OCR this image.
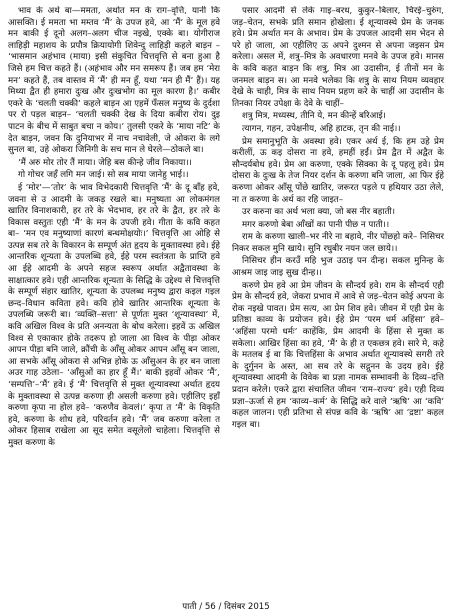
भाव के अर्थ बा—ममता, अर्थात मन के राग–वृत्ति, यानी कि आसक्ति। ई ममता भा मम्तव ‘मैं’ के उपज हवे, आ ‘मैं’ के मूल हवे मन बाकी ई दूनो अलग–अलग चीज नइखे, एक्के बा। योगीराज लाहिड़ी महाशय के प्रपौत्र क्रियायोगी शिवेन्दु लाहिड़ी कहले बाड़न – ‘भासमान अहंभाव (माया) इसी संकुचित चित्तवृत्ति से बना हुआ है जिसे हम चित्त कहते हैं। (अहंभाव और मन समरूप हैं। जब हम ‘मेरा मन’ कहते हैं, तब वास्तव में ‘मैं’ ही मन हूँ, यथा ‘मन ही मैं’ हैं)। यह मिथ्या द्वैत ही हमारा दुःख और दुःखभोग का मूल कारण है।’ कबीर एकरे के ‘चलती चक्की’ कहले बाड़न आ एहमें फँसल मनुष्य के दुर्दशा पर रो पड़ल बाड़न– ‘चलती चक्की देख के दिया कबीरा रोय। दुइ पाटन के बीच में साबुत बचा न कोय।’ तुलसी एकरे के ‘माया नटि’ के देत बाड़न, जवन कि दुनियाभर में नाच नचावेली, जे ओकरा के लगे सुनल बा, उहे ओकरा जिनिगी के सच मान ले घेरले—ठोकले बा।

‘मैं अरु मोर तोर तैं माया। जेहि बस कीन्हे जीव निकाया।।

गो गोचर जहँ लगि मन जाई। सो सब माया जानेहु भाई।।

ई ‘मोर’—‘तोर’ के भाव विभेदकारी चित्तवृत्ति ‘मैं’ के दू बाँह हवे, जवना से उ आदमी के जकड़ रखले बा। मनुष्यता आ लोकमंगल खातिर विनाशकारी, हर तरे के भेदभाव, हर तरे के द्वैत, हर तरे के विकास वस्तुतः एही ‘मैं’ के मन के उपजी हवे। गीता के कवि कहत बा– ‘मन एव मनुष्याणां कारणं बन्धमोक्षयोः।’ चित्तवृत्ति आ ओहि से उत्पन्न सब तरे के विकारन के सम्पूर्ण अंत हृदय के मुक्तावस्था हवे। ईहे आन्तरिक शून्यता के उपलब्धि हवे, ईहे परम स्वतंत्रता के प्राप्ति हवे आ ईहे आदमी के अपने सहज स्वरूप अर्थात अद्वैतावस्था के साक्षात्कार हवे। एही आन्तरिक शून्यता के सिद्धि के उद्देश्य से चित्तवृत्ति के सम्पूर्ण संहार खातिर, शून्यता के उपलब्ध मनुष्य द्वारा कइल गइल छन्द–विधान कविता हवे। कवि होवे खातिर आन्तरिक शून्यता के उपलब्धि जरूरी बा। ‘व्यक्ति–सत्ता’ से पूर्णतः मुक्त ‘शून्यावस्था’ में, कवि अखिल विश्व के प्रति अनन्यता के बोध करेला। इहवें ऊ अखिल विश्व से एकाकार होके तदरूप हो जाला आ विश्व के पीड़ा ओकर आपन पीड़ा बनि जाले, क्रौंची के आँसू ओकर आपन आँसू बन जाला, आ सभके आँसू ओकरा से अभिन्न होके ऊ आँसुअन के हर बन जाला अउर गाह उठेला– ‘आँसुओं का हार हूँ मैं।’ बाकी इहवों ओकर ‘मैं’, ‘सम्पत्ति’–‘मैं’ हवे। ई ‘मैं’ चित्तवृत्ति से मुक्त शून्यावस्था अर्थात हृदय के मुक्तावस्था से उत्पन्न करुणा ही असली करुणा हवे। एहीलिए इहाँ करुणा कृपा ना होल हवे– ‘करुणैव केवलं।’ कृपा त ‘मैं’ के विकृति हवे, करुणा के शोध हवे, परिवर्तन हवे। ‘मैं’ जब करुणा करेला त ओकर हिसाब राखेला आ सूद समेत वसूलेलो चाहेला। चित्तवृत्ति से मुक्त करुणा के

पसार आदमी से लेके गाइ–बरध, कुकुर–बिलार, चिरई–चुरुंग, जड़–चेतन, सभके प्रति समान होखेला। ई शून्यावस्थे प्रेम के जनक हवे। प्रेम अर्थात मन के अभाव। प्रेम के उपजल आदमी सम भेदन से परे हो जाला, आ एहीलिए ऊ अपने दुश्मन से अपना जइसन प्रेम करेला। असल में, शत्रु–मित्र के अवधारणा मनवे के उपज हवे। मानस के कवि कहत बाड़न कि शत्रु, मित्र आ उदासीन, ई तीनों मन के जनमल बाड़न स। आ मनवे भलेका कि शत्रु के साथ नियम व्यवहार देखे के चाही, मित्र के साथ नियम प्रहण करे के चाहीं आ उदासीन के तिनका नियर उपेक्षा के देवे के चाहीं–

शत्रु मित्र, मध्यस्थ, तीनि ये, मन कीन्हें बरिआई।

त्यागन, गहन, उपेक्षनीय, अहि हाटक, तृन की नाई।।

प्रेम समानुभूति के अवस्था हवे। एकर अर्थ ई, कि हम उहे प्रेम करीलीं, ऊ कइ दोसरा ना हवे, हमहीं हईं। प्रेम द्वैत में अद्वैत के सौन्दर्यबोध हवे। प्रेम आ करुणा, एक्के सिक्का के दू पहलू हवे। प्रेम दोसरा के दुःख के तेज नियर दर्शन के करुणा बनि जाला, आ फिर ईहे करुणा ओकर आँसू पोंछे खातिर, जरूरत पड़ले प हथियार उठा लेले, ना त करुणा के अर्थ का रहि जाइत–

उर करुना का अर्थ भला क्या, जो बस नीर बहाती।

मगर करुणो बेबा आँखों का पानी पीछ न पाती।।

राम के करुणा खाली–भर नीरे ना बहावे, नीर पोंछहो करे– निसिचर निकर सकल मुनि खाये। सुनि रघुबीर नयन जल छाये।।

निसिचर हीन करउँ महि भुज उठाइ पन दीन्ह। सकल मुनिन्ह के आश्रम जाइ जाइ सुख दीन्ह।।

करुणे प्रेम हवे आ प्रेम जीवन के सौन्दर्य हवे। राम के सौन्दर्य एही प्रेम के सौन्दर्य हवे, जेकरा प्रभाव में आवे से जड़–चेतन कोई अपना के रोक नइखे पावत। प्रेम सत्य, आ प्रेम शिव हवे। जीवन में एही प्रेम के प्रतिष्ठा काव्य के प्रयोजन हवे। ईहे प्रेम ‘परम धर्म अहिंसा’ हवे– ‘अहिंसा परमो धर्मः’ काहेंकि, प्रेम आदमी के हिंसा से मुक्त क सकेला। आखिर हिंसा का हवे, ‘मैं’ के ही त एकछत्र हवे। सारे मे, कहे के मतलब ई बा कि चित्तहिंसा के अभाव अर्थात शून्यावस्थे सगरी तरे के दुर्गुनन के अस्त, आ सब तरे के सद्गुनन के उदय हवे। ईहे शून्यावस्था आदमी के विवेक बा प्रज्ञा नामक सम्भावनी के दिव्य–दत्ति प्रदान करेले। एकरे द्वारा संचालित जीवन ‘राम–राज्य’ हवे। एही दिव्य प्रज्ञा–ऊर्जा से हम ‘काव्य–कर्म’ के सिद्धि करे वाले ‘ऋषि’ आ ‘कवि’ कहल जालन। एही प्रतिभा से संपन्न कवि के ‘ऋषि’ आ ‘द्रष्टा’ कहल गइल बा।

पाती / 56 / दिसंबर 2015
